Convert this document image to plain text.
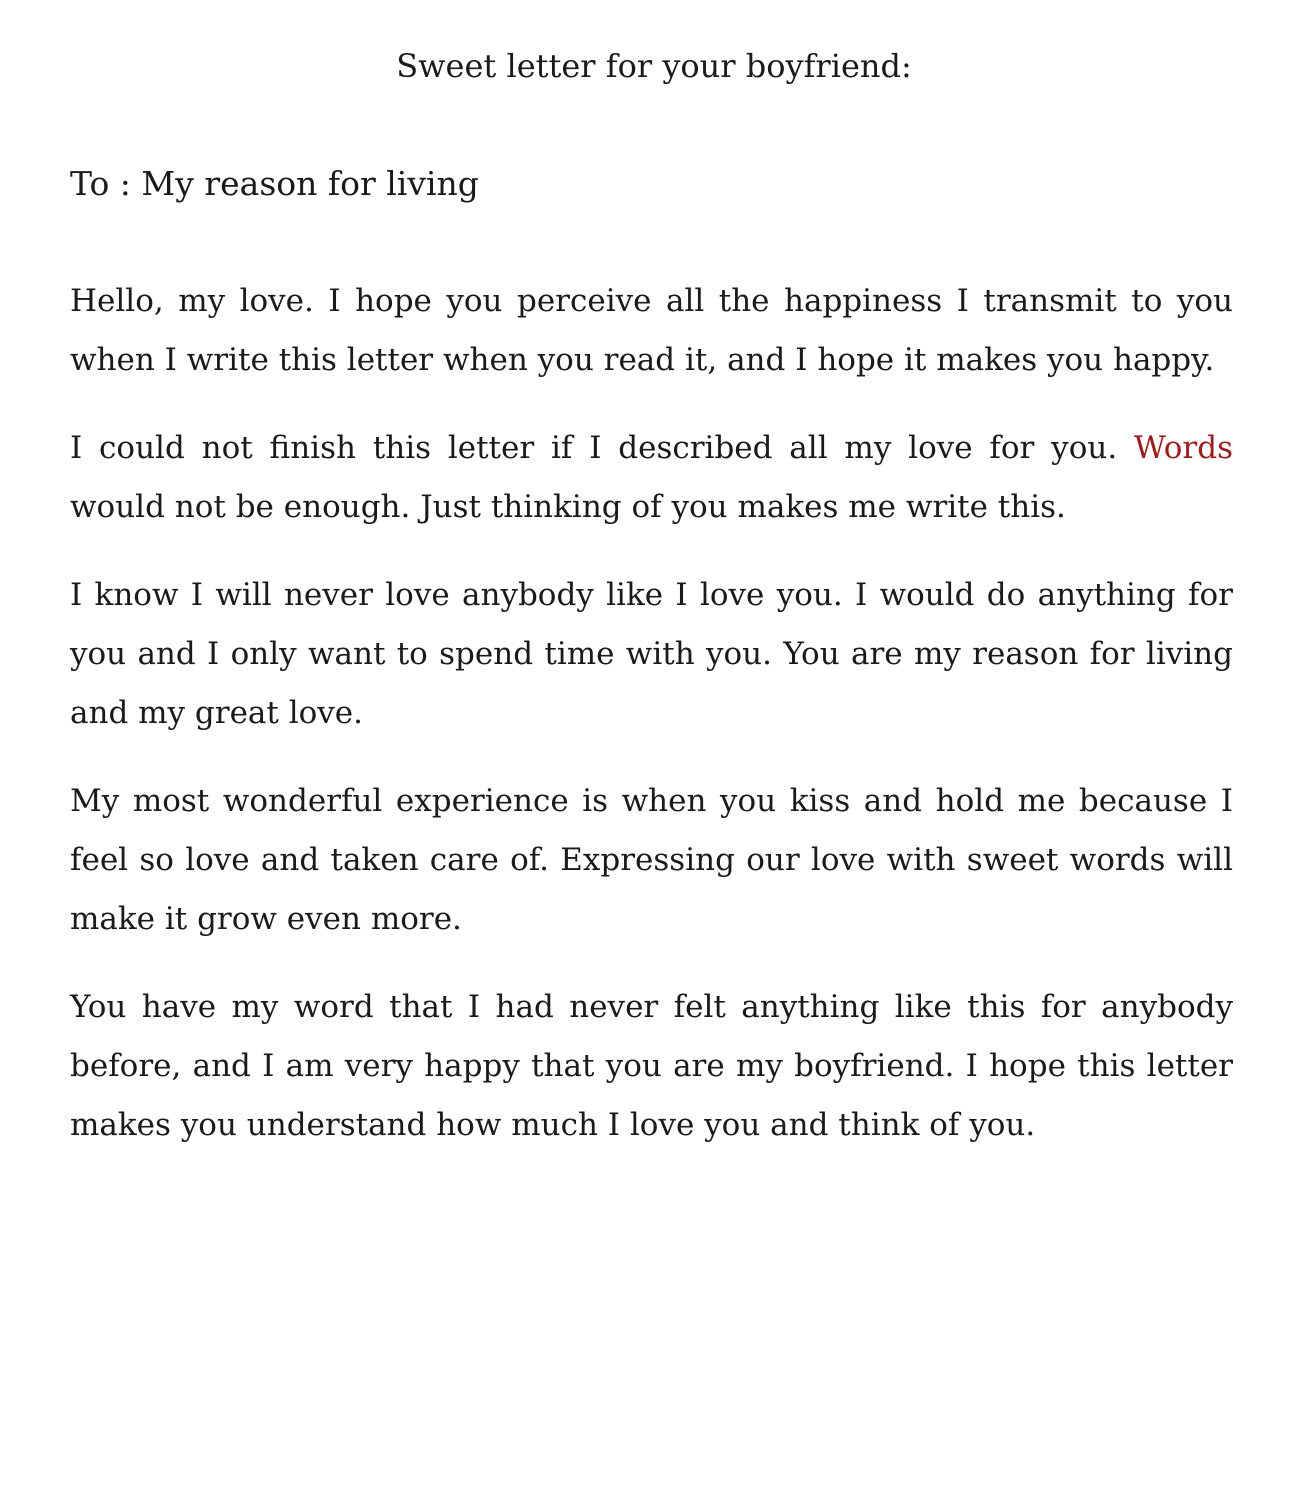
Sweet letter for your boyfriend:
To : My reason for living

Hello, my love. I hope you perceive all the happiness I transmit to you when I write this letter when you read it, and I hope it makes you happy.

I could not finish this letter if I described all my love for you. Words would not be enough. Just thinking of you makes me write this.

I know I will never love anybody like I love you. I would do anything for you and I only want to spend time with you. You are my reason for living and my great love.

My most wonderful experience is when you kiss and hold me because I feel so love and taken care of. Expressing our love with sweet words will make it grow even more.

You have my word that I had never felt anything like this for anybody before, and I am very happy that you are my boyfriend. I hope this letter makes you understand how much I love you and think of you.
